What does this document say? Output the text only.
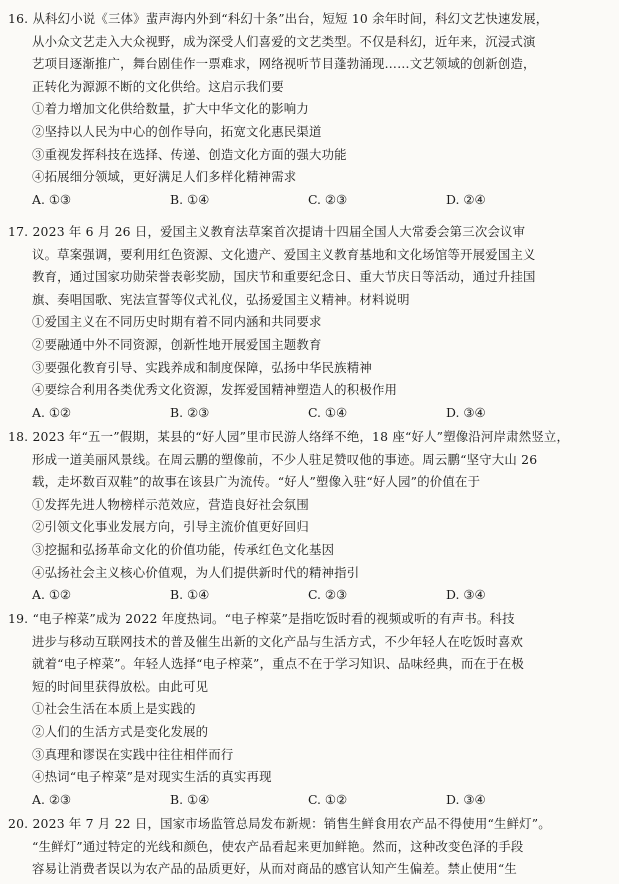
16. 从科幻小说《三体》蜚声海内外到“科幻十条”出台，短短 10 余年时间，科幻文艺快速发展，
从小众文艺走入大众视野，成为深受人们喜爱的文艺类型。不仅是科幻，近年来，沉浸式演
艺项目逐渐推广，舞台剧佳作一票难求，网络视听节目蓬勃涌现……文艺领域的创新创造，
正转化为源源不断的文化供给。这启示我们要
①着力增加文化供给数量，扩大中华文化的影响力
②坚持以人民为中心的创作导向，拓宽文化惠民渠道
③重视发挥科技在选择、传递、创造文化方面的强大功能
④拓展细分领域，更好满足人们多样化精神需求
A. ①③	B. ①④	C. ②③	D. ②④
17. 2023 年 6 月 26 日，爱国主义教育法草案首次提请十四届全国人大常委会第三次会议审
议。草案强调，要利用红色资源、文化遗产、爱国主义教育基地和文化场馆等开展爱国主义
教育，通过国家功勋荣誉表彰奖励，国庆节和重要纪念日、重大节庆日等活动，通过升挂国
旗、奏唱国歌、宪法宣誓等仪式礼仪，弘扬爱国主义精神。材料说明
①爱国主义在不同历史时期有着不同内涵和共同要求
②要融通中外不同资源，创新性地开展爱国主题教育
③要强化教育引导、实践养成和制度保障，弘扬中华民族精神
④要综合利用各类优秀文化资源，发挥爱国精神塑造人的积极作用
A. ①②	B. ②③	C. ①④	D. ③④
18. 2023 年“五一”假期，某县的“好人园”里市民游人络绎不绝，18 座“好人”塑像沿河岸肃然竖立，
形成一道美丽风景线。在周云鹏的塑像前，不少人驻足赞叹他的事迹。周云鹏“坚守大山 26
载，走坏数百双鞋”的故事在该县广为流传。“好人”塑像入驻“好人园”的价值在于
①发挥先进人物榜样示范效应，营造良好社会氛围
②引领文化事业发展方向，引导主流价值更好回归
③挖掘和弘扬革命文化的价值功能，传承红色文化基因
④弘扬社会主义核心价值观，为人们提供新时代的精神指引
A. ①②	B. ①④	C. ②③	D. ③④
19. “电子榨菜”成为 2022 年度热词。“电子榨菜”是指吃饭时看的视频或听的有声书。科技
进步与移动互联网技术的普及催生出新的文化产品与生活方式，不少年轻人在吃饭时喜欢
就着“电子榨菜”。年轻人选择“电子榨菜”，重点不在于学习知识、品味经典，而在于在极
短的时间里获得放松。由此可见
①社会生活在本质上是实践的
②人们的生活方式是变化发展的
③真理和谬误在实践中往往相伴而行
④热词“电子榨菜”是对现实生活的真实再现
A. ②③	B. ①④	C. ①②	D. ③④
20. 2023 年 7 月 22 日，国家市场监管总局发布新规：销售生鲜食用农产品不得使用“生鲜灯”。
“生鲜灯”通过特定的光线和颜色，使农产品看起来更加鲜艳。然而，这种改变色泽的手段
容易让消费者误以为农产品的品质更好，从而对商品的感官认知产生偏差。禁止使用“生
